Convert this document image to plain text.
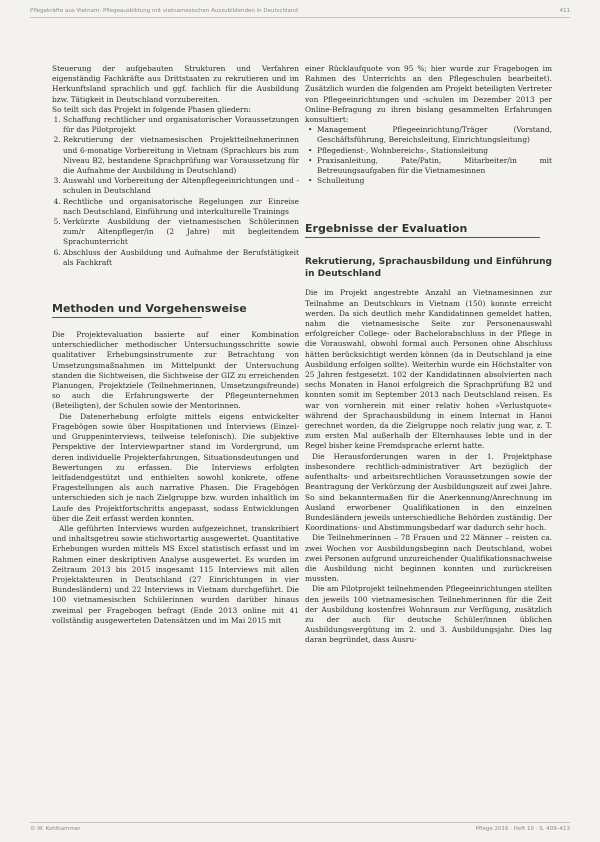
Pflegekräfte aus Vietnam: Pflegeausbildung mit vietnamesischen Auszubildenden in Deutschland	411

Steuerung der aufgebauten Strukturen und Verfahren eigenständig Fachkräfte aus Drittstaaten zu rekrutieren und im Herkunftsland sprachlich und ggf. fachlich für die Ausbildung bzw. Tätigkeit in Deutschland vorzubereiten.

So teilt sich das Projekt in folgende Phasen gliedern:

1. Schaffung rechtlicher und organisatorischer Voraussetzungen für das Pilotprojekt
2. Rekrutierung der vietnamesischen Projektteilnehmerinnen und 6-monatige Vorbereitung in Vietnam (Sprachkurs bis zum Niveau B2, bestandene Sprachprüfung war Voraussetzung für die Aufnahme der Ausbildung in Deutschland)
3. Auswahl und Vorbereitung der Altenpflegeeinrichtungen und -schulen in Deutschland
4. Rechtliche und organisatorische Regelungen zur Einreise nach Deutschland, Einführung und interkulturelle Trainings
5. Verkürzte Ausbildung der vietnamesischen Schülerinnen zum/r Altenpfleger/in (2 Jahre) mit begleitendem Sprachunterricht
6. Abschluss der Ausbildung und Aufnahme der Berufstätigkeit als Fachkraft
Methoden und Vorgehensweise

Die Projektevaluation basierte auf einer Kombination unterschiedlicher methodischer Untersuchungsschritte sowie qualitativer Erhebungsinstrumente zur Betrachtung von Umsetzungsmaßnahmen im Mittelpunkt der Untersuchung standen die Sichtweisen, die Sichtweise der GIZ zu erreichenden Planungen, Projektziele (Teilnehmerinnen, Umsetzungsfreunde) so auch die Erfahrungswerte der Pflegeunternehmen (Beteiligten), der Schulen sowie der Mentorinnen.

Die Datenerhebung erfolgte mittels eigens entwickelter Fragebögen sowie über Hospitationen und Interviews (Einzel- und Gruppeninterviews, teilweise telefonisch). Die subjektive Perspektive der Interviewpartner stand im Vordergrund, um deren individuelle Projekterfahrungen, Situationsdeutungen und Bewertungen zu erfassen. Die Interviews erfolgten leitfadendgestützt und enthielten sowohl konkrete, offene Fragestellungen als auch narrative Phasen. Die Fragebögen unterschieden sich je nach Zielgruppe bzw. wurden inhaltlich im Laufe des Projektfortschritts angepasst, sodass Entwicklungen über die Zeit erfasst werden konnten.

Alle geführten Interviews wurden aufgezeichnet, transkribiert und inhaltsgetreu sowie stichwortartig ausgewertet. Quantitative Erhebungen wurden mittels MS Excel statistisch erfasst und im Rahmen einer deskriptiven Analyse ausgewertet. Es wurden im Zeitraum 2013 bis 2015 insgesamt 115 Interviews mit allen Projektakteuren in Deutschland (27 Einrichtungen in vier Bundesländern) und 22 Interviews in Vietnam durchgeführt. Die 100 vietnamesischen Schülerinnen wurden darüber hinaus zweimal per Fragebogen befragt (Ende 2013 online mit 41 vollständig ausgewerteten Datensätzen und im Mai 2015 mit

einer Rücklaufquote von 95 %; hier wurde zur Fragebogen im Rahmen des Unterrichts an den Pflegeschulen bearbeitet). Zusätzlich wurden die folgenden am Projekt beteiligten Vertreter von Pflegeeinrichtungen und -schulen im Dezember 2013 per Online-Befragung zu ihren bislang gesammelten Erfahrungen konsultiert:

• Management Pflegeeinrichtung/Träger (Vorstand, Geschäftsführung, Bereichsleitung, Einrichtungsleitung)
• Pflegedienst-, Wohnbereichs-, Stationsleitung
• Praxisanleitung, Pate/Patin, Mitarbeiter/in mit Betreuungsaufgaben für die Vietnamesinnen
• Schulleitung
Ergebnisse der Evaluation
Rekrutierung, Sprachausbildung und Einführung in Deutschland

Die im Projekt angestrebte Anzahl an Vietnamesinnen zur Teilnahme an Deutschkurs in Vietnam (150) konnte erreicht werden. Da sich deutlich mehr Kandidatinnen gemeldet hatten, nahm die vietnamesische Seite zur Personenauswahl erfolgreicher College- oder Bachelorabschluss in der Pflege in die Vorauswahl, obwohl formal auch Personen ohne Abschluss hätten berücksichtigt werden können (da in Deutschland ja eine Ausbildung erfolgen sollte). Weiterhin wurde ein Höchstalter von 25 Jahren festgesetzt. 102 der Kandidatinnen absolvierten nach sechs Monaten in Hanoi erfolgreich die Sprachprüfung B2 und konnten somit im September 2013 nach Deutschland reisen. Es war von vornherein mit einer relativ hohen »Verlustquote« während der Sprachausbildung in einem Internat in Hanoi gerechnet worden, da die Zielgruppe noch relativ jung war, z. T. zum ersten Mal außerhalb der Elternhauses lebte und in der Regel bisher keine Fremdsprache erlernt hatte.

Die Herausforderungen waren in der 1. Projektphase insbesondere rechtlich-administrativer Art bezüglich der aufenthalts- und arbeitsrechtlichen Voraussetzungen sowie der Beantragung der Verkürzung der Ausbildungszeit auf zwei Jahre. So sind bekanntermaßen für die Anerkennung/Anrechnung im Ausland erworbener Qualifikationen in den einzelnen Bundesländern jeweils unterschiedliche Behörden zuständig. Der Koordinations- und Abstimmungsbedarf war dadurch sehr hoch.

Die Teilnehmerinnen – 78 Frauen und 22 Männer – reisten ca. zwei Wochen vor Ausbildungsbeginn nach Deutschland, wobei zwei Personen aufgrund unzureichender Qualifikationsnachweise die Ausbildung nicht beginnen konnten und zurückreisen mussten.

Die am Pilotprojekt teilnehmenden Pflegeeinrichtungen stellten den jeweils 100 vietnamesischen Teilnehmerinnen für die Zeit der Ausbildung kostenfrei Wohnraum zur Verfügung, zusätzlich zu der auch für deutsche Schüler/innen üblichen Ausbildungsvergütung im 2. und 3. Ausbildungsjahr. Dies lag daran begründet, dass Ausru-

© W. Kohlhammer	Pflege 2016 · Heft 10 · S. 409–413
